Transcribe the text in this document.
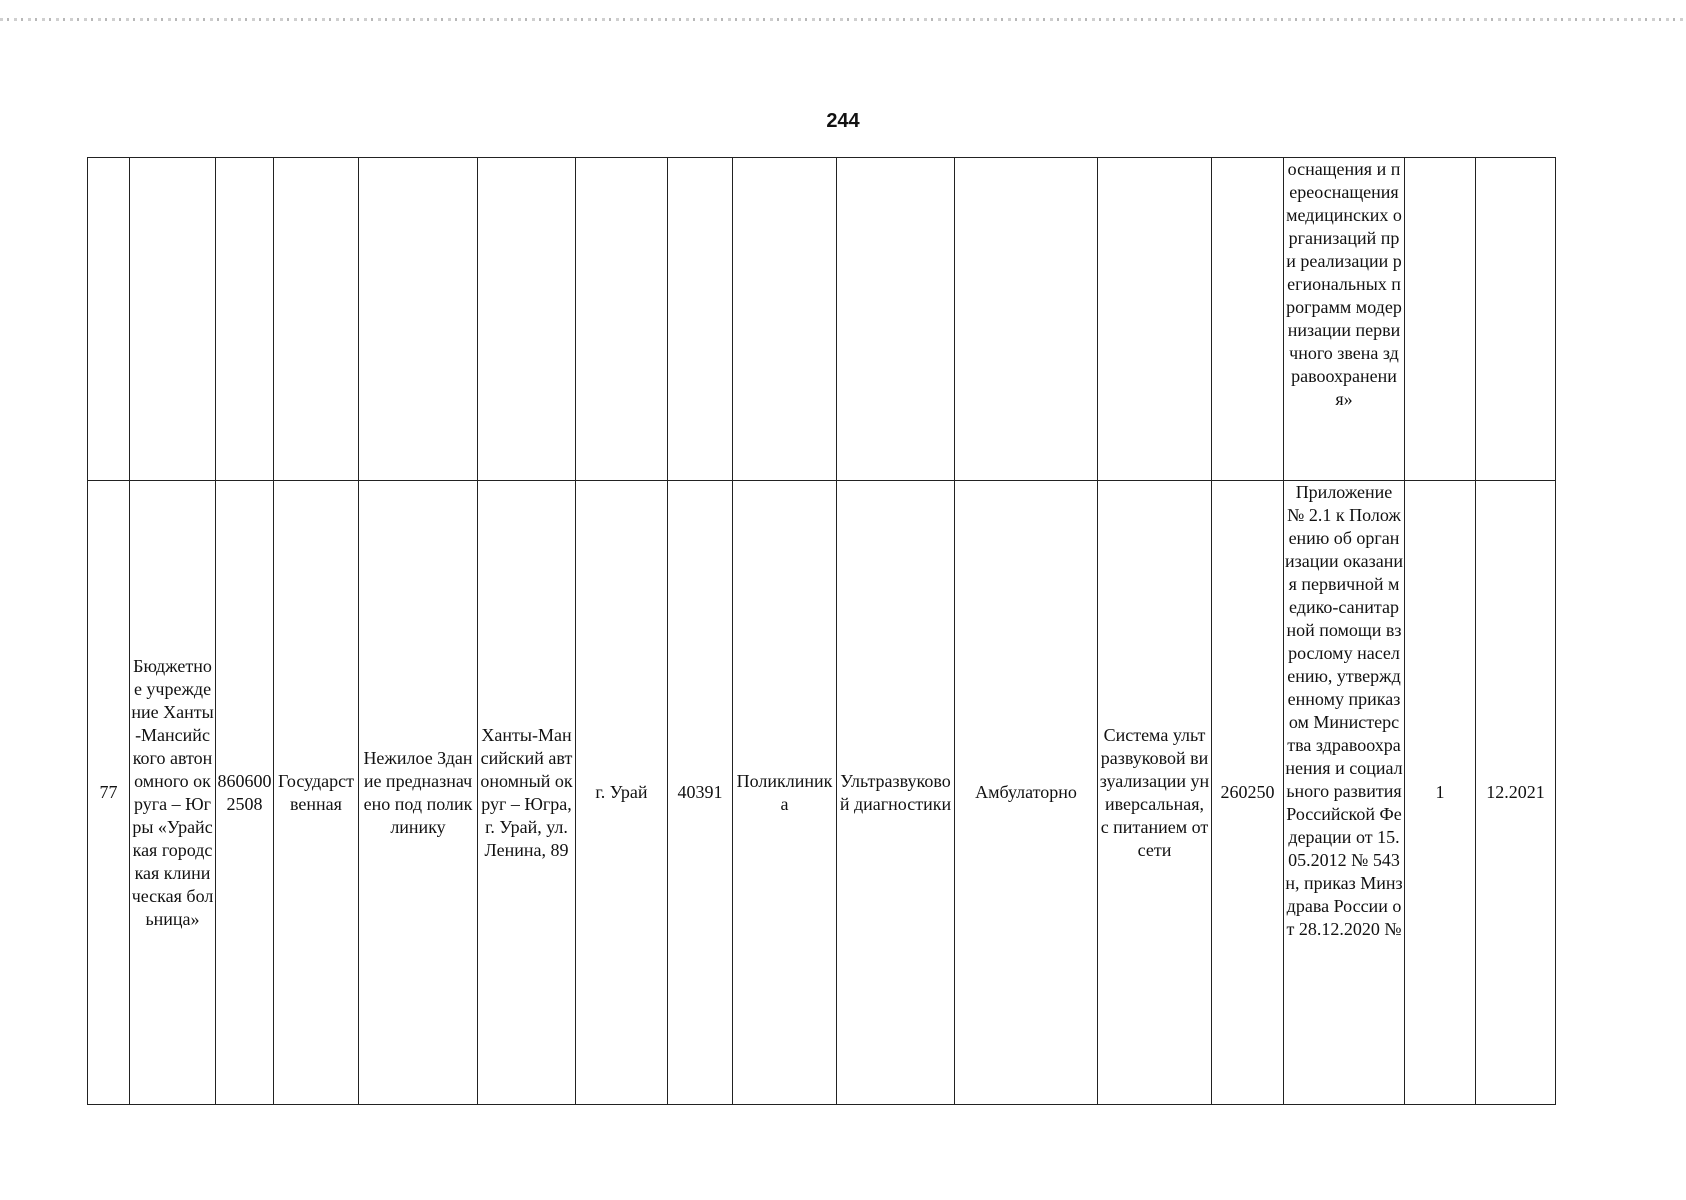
244
													оснащения и переоснащения медицинских организаций при реализации региональных программ модернизации первичного звена здравоохранения»		
77	Бюджетное учреждение Ханты-Мансийского автономного округа – Югры «Урайская городская клиническая больница»	8606002508	Государственная	Нежилое Здание предназначено под поликлинику	Ханты-Мансийский автономный округ – Югра, г. Урай, ул.Ленина, 89	г. Урай	40391	Поликлиника	Ультразвуковой диагностики	Амбулаторно	Система ультразвуковой визуализации универсальная, с питанием от сети	260250	Приложение № 2.1 к Положению об организации оказания первичной медико-санитарной помощи взрослому населению, утвержденному приказом Министерства здравоохранения и социального развития Российской Федерации от 15.05.2012 № 543н, приказ Минздрава России от 28.12.2020 №	1	12.2021
